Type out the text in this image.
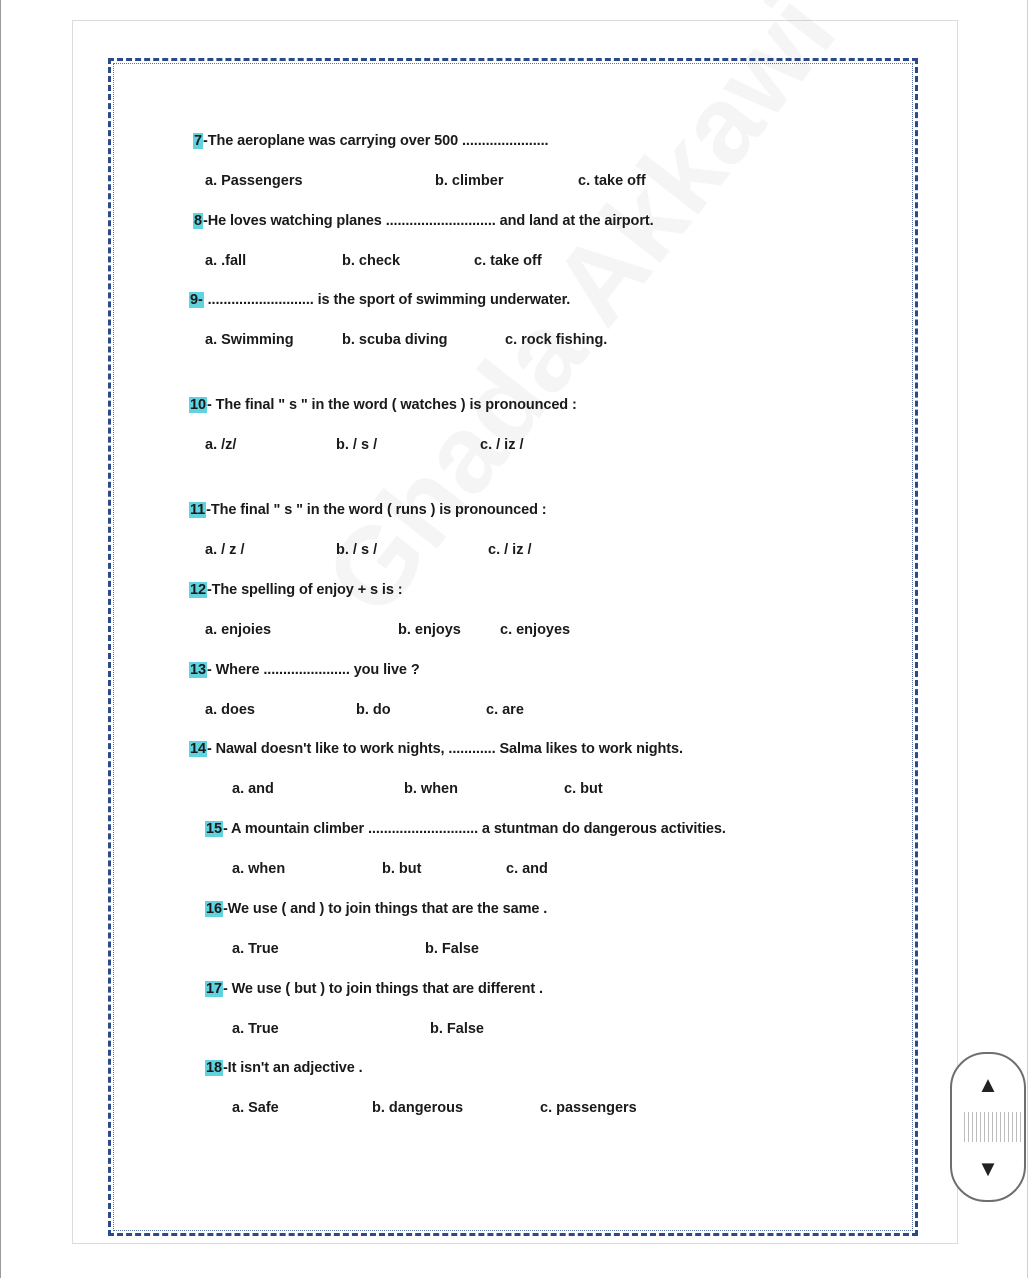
7-The aeroplane was carrying over 500 ......................
a. Passengers	b. climber	c. take off
8-He loves watching planes ............................ and land at the airport.
a. .fall	b. check	c. take off
9- ........................... is the sport of swimming underwater.
a. Swimming	b. scuba diving	c. rock fishing.
10- The final " s " in the word ( watches ) is pronounced :
a. /z/	b. / s /	c. / iz /
11-The final " s " in the word ( runs ) is pronounced :
a. / z /	b. / s /	c. / iz /
12-The spelling of enjoy + s is :
a. enjoies	b. enjoys	c. enjoyes
13- Where ...................... you live ?
a. does	b. do	c. are
14- Nawal doesn't like to work nights, ............ Salma likes to work nights.
a. and	b. when	c. but
15- A mountain climber ............................ a stuntman do dangerous activities.
a. when	b. but	c. and
16-We use ( and ) to join things that are the same .
a. True	b. False
17- We use ( but ) to join things that are different .
a. True	b. False
18-It isn't an adjective .
a. Safe	b. dangerous	c. passengers
▲
▼
